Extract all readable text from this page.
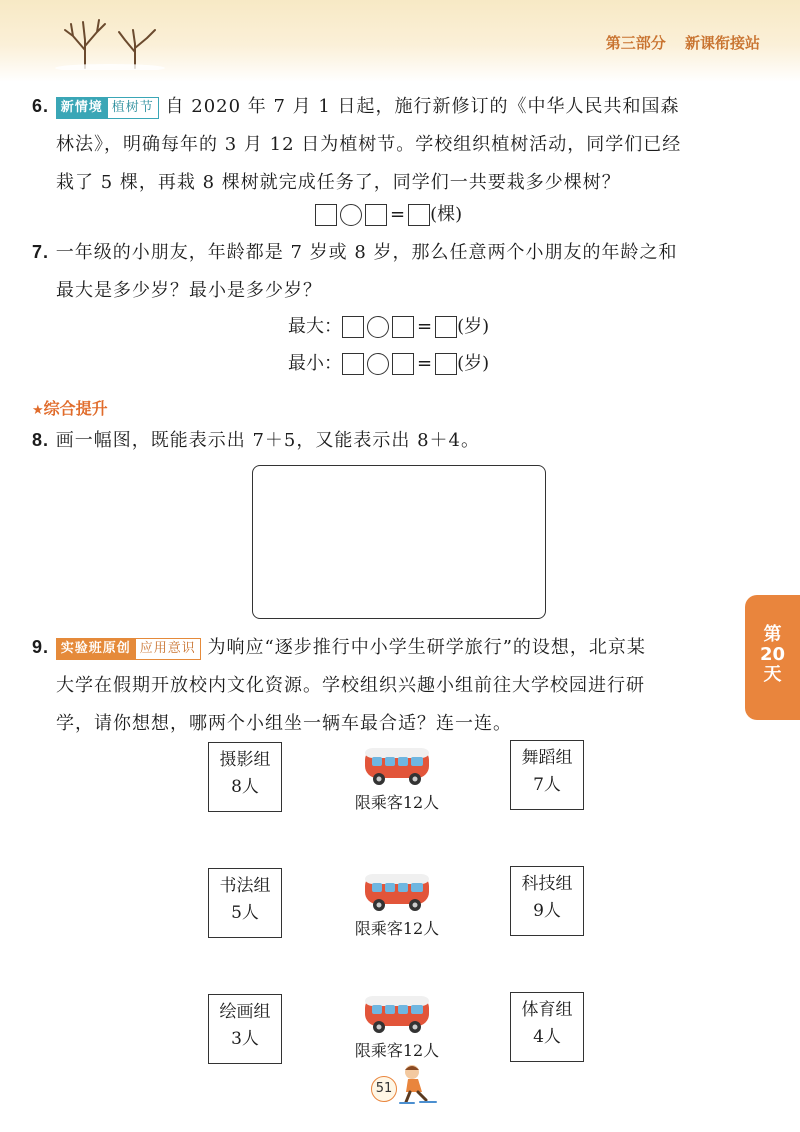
第三部分 新课衔接站
6. 新情境 植树节 自 2020 年 7 月 1 日起，施行新修订的《中华人民共和国森
林法》，明确每年的 3 月 12 日为植树节。学校组织植树活动，同学们已经
栽了 5 棵，再栽 8 棵树就完成任务了，同学们一共要栽多少棵树？
= (棵)
7. 一年级的小朋友，年龄都是 7 岁或 8 岁，那么任意两个小朋友的年龄之和
最大是多少岁？最小是多少岁？
最大：	= (岁)
最小：	= (岁)
★综合提升
8. 画一幅图，既能表示出 7＋5，又能表示出 8＋4。
第
20
天
9. 实验班原创 应用意识 为响应“逐步推行中小学生研学旅行”的设想，北京某
大学在假期开放校内文化资源。学校组织兴趣小组前往大学校园进行研
学，请你想想，哪两个小组坐一辆车最合适？连一连。
摄影组
8人
书法组
5人
绘画组
3人
舞蹈组
7人
科技组
9人
体育组
4人
限乘客12人
限乘客12人
限乘客12人
51
